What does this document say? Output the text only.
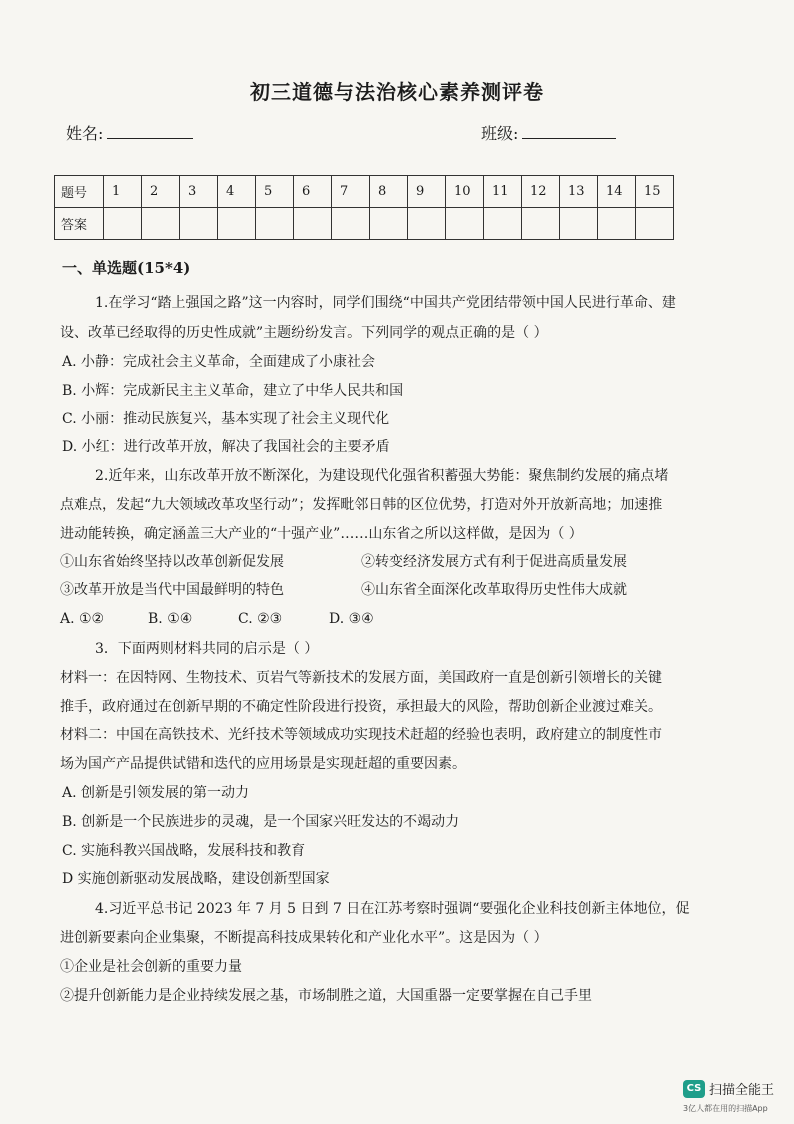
初三道德与法治核心素养测评卷
姓名:	班级:
题号	1	2	3	4	5	6	7	8	9	10	11	12	13	14	15
答案															
一、单选题(15*4)
1.在学习“踏上强国之路”这一内容时，同学们围绕“中国共产党团结带领中国人民进行革命、建
设、改革已经取得的历史性成就”主题纷纷发言。下列同学的观点正确的是（ ）
A. 小静：完成社会主义革命，全面建成了小康社会
B. 小辉：完成新民主主义革命，建立了中华人民共和国
C. 小丽：推动民族复兴，基本实现了社会主义现代化
D. 小红：进行改革开放，解决了我国社会的主要矛盾
2.近年来，山东改革开放不断深化，为建设现代化强省积蓄强大势能：聚焦制约发展的痛点堵
点难点，发起“九大领域改革攻坚行动”；发挥毗邻日韩的区位优势，打造对外开放新高地；加速推
进动能转换，确定涵盖三大产业的“十强产业”……山东省之所以这样做，是因为（ ）
①山东省始终坚持以改革创新促发展	②转变经济发展方式有利于促进高质量发展
③改革开放是当代中国最鲜明的特色	④山东省全面深化改革取得历史性伟大成就
A. ①②	B. ①④	C. ②③	D. ③④
3．下面两则材料共同的启示是（ ）
材料一：在因特网、生物技术、页岩气等新技术的发展方面，美国政府一直是创新引领增长的关键
推手，政府通过在创新早期的不确定性阶段进行投资，承担最大的风险，帮助创新企业渡过难关。
材料二：中国在高铁技术、光纤技术等领域成功实现技术赶超的经验也表明，政府建立的制度性市
场为国产产品提供试错和迭代的应用场景是实现赶超的重要因素。
A. 创新是引领发展的第一动力
B. 创新是一个民族进步的灵魂，是一个国家兴旺发达的不竭动力
C. 实施科教兴国战略，发展科技和教育
D 实施创新驱动发展战略，建设创新型国家
4.习近平总书记 2023 年 7 月 5 日到 7 日在江苏考察时强调“要强化企业科技创新主体地位，促
进创新要素向企业集聚，不断提高科技成果转化和产业化水平”。这是因为（ ）
①企业是社会创新的重要力量
②提升创新能力是企业持续发展之基，市场制胜之道，大国重器一定要掌握在自己手里
CS 扫描全能王
3亿人都在用的扫描App
